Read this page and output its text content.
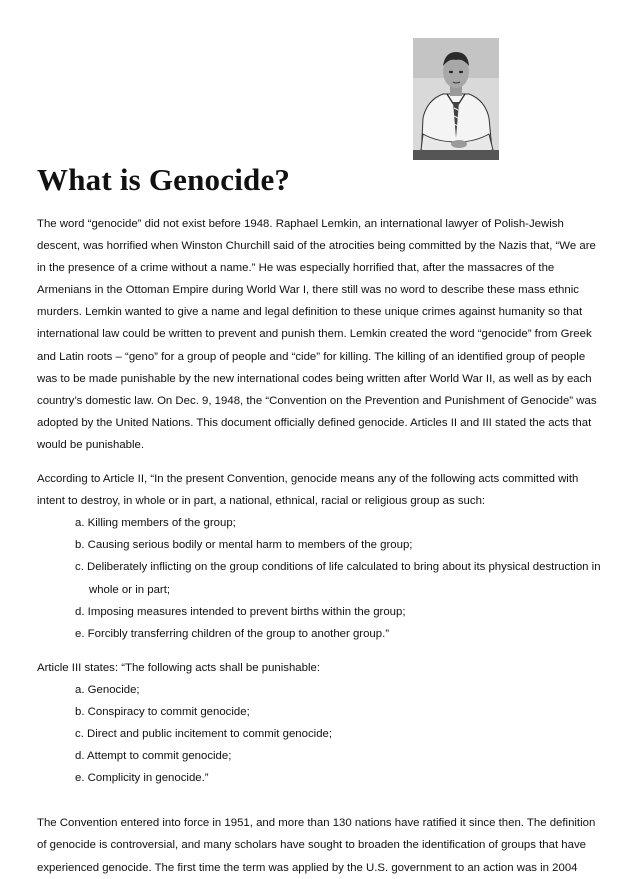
What is Genocide?

The word “genocide” did not exist before 1948. Raphael Lemkin, an international lawyer of Polish-Jewish descent, was horrified when Winston Churchill said of the atrocities being committed by the Nazis that, “We are in the presence of a crime without a name.” He was especially horrified that, after the massacres of the Armenians in the Ottoman Empire during World War I, there still was no word to describe these mass ethnic murders. Lemkin wanted to give a name and legal definition to these unique crimes against humanity so that international law could be written to prevent and punish them. Lemkin created the word “genocide” from Greek and Latin roots – “geno” for a group of people and “cide” for killing. The killing of an identified group of people was to be made punishable by the new international codes being written after World War II, as well as by each country’s domestic law. On Dec. 9, 1948, the “Convention on the Prevention and Punishment of Genocide” was adopted by the United Nations. This document officially defined genocide. Articles II and III stated the acts that would be punishable.

According to Article II, “In the present Convention, genocide means any of the following acts committed with intent to destroy, in whole or in part, a national, ethnical, racial or religious group as such:

a. Killing members of the group;
b. Causing serious bodily or mental harm to members of the group;
c. Deliberately inflicting on the group conditions of life calculated to bring about its physical destruction in whole or in part;
d. Imposing measures intended to prevent births within the group;
e. Forcibly transferring children of the group to another group.”

Article III states: “The following acts shall be punishable:

a. Genocide;
b. Conspiracy to commit genocide;
c. Direct and public incitement to commit genocide;
d. Attempt to commit genocide;
e. Complicity in genocide.”

The Convention entered into force in 1951, and more than 130 nations have ratified it since then. The definition of genocide is controversial, and many scholars have sought to broaden the identification of groups that have experienced genocide. The first time the term was applied by the U.S. government to an action was in 2004
